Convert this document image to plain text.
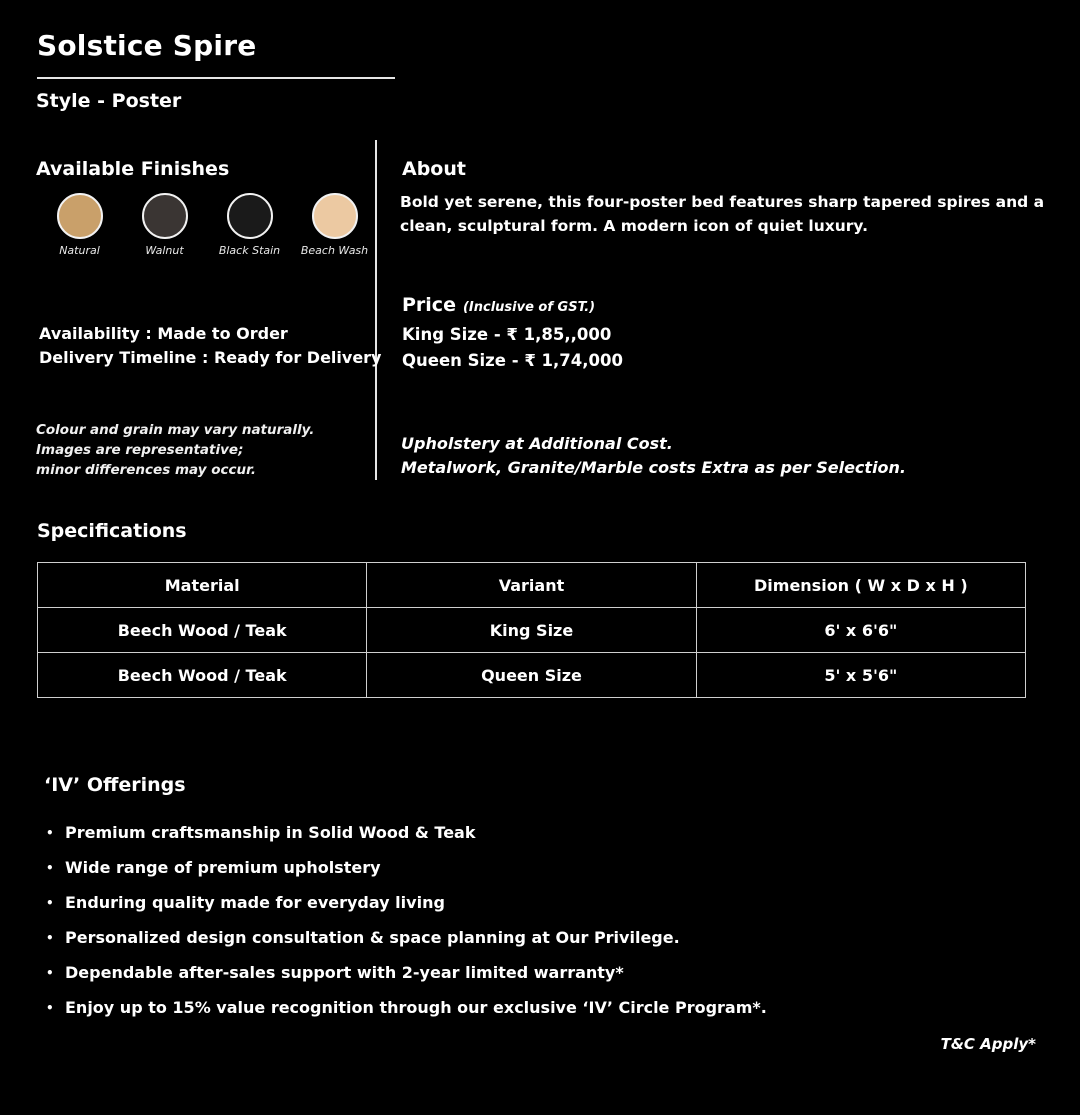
Solstice Spire
Style - Poster
Available Finishes
Natural	Walnut	Black Stain Beach Wash
Availability : Made to Order
Delivery Timeline : Ready for Delivery
Colour and grain may vary naturally.
Images are representative;
minor differences may occur.
About
Bold yet serene, this four-poster bed features sharp tapered spires and a
clean, sculptural form. A modern icon of quiet luxury.
Price (Inclusive of GST.)
King Size - ₹ 1,85,,000
Queen Size - ₹ 1,74,000
Upholstery at Additional Cost.
Metalwork, Granite/Marble costs Extra as per Selection.
Specifications
Material	Variant	Dimension ( W x D x H )
Beech Wood / Teak	King Size	6' x 6'6"
Beech Wood / Teak	Queen Size	5' x 5'6"
‘IV’ Offerings
• Premium craftsmanship in Solid Wood & Teak
• Wide range of premium upholstery
• Enduring quality made for everyday living
• Personalized design consultation & space planning at Our Privilege.
• Dependable after-sales support with 2-year limited warranty*
• Enjoy up to 15% value recognition through our exclusive ‘IV’ Circle Program*.
T&C Apply*
